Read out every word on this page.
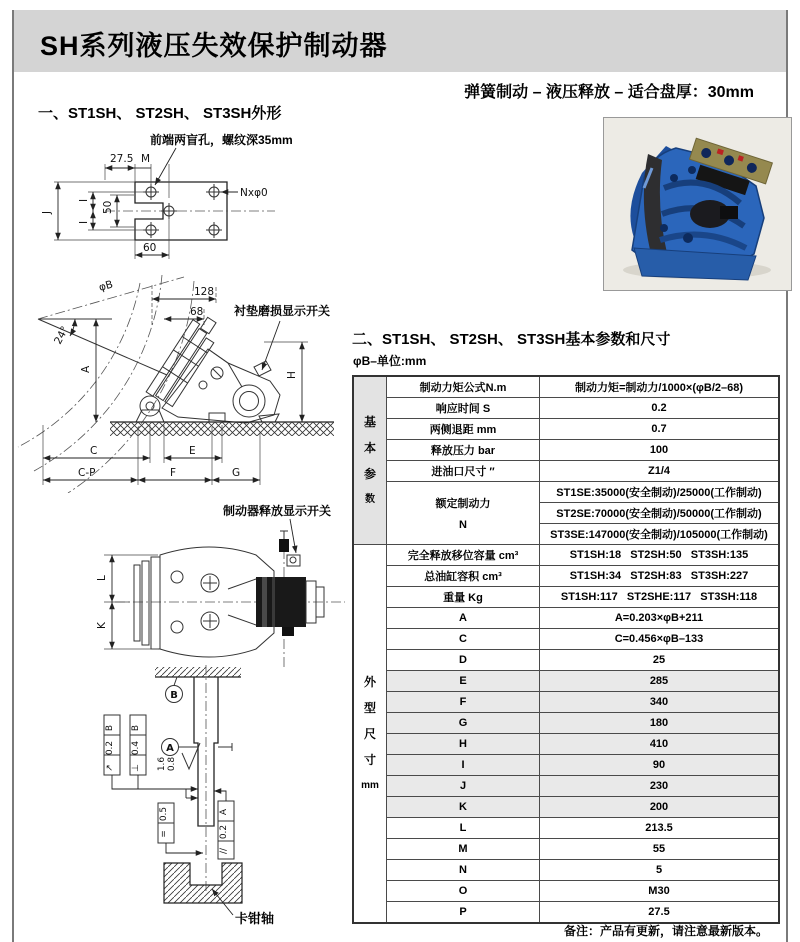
SH系列液压失效保护制动器
弹簧制动 – 液压释放 – 适合盘厚：30mm
一、ST1SH、 ST2SH、 ST3SH外形
前端两盲孔，螺纹深35mm
27.5 M
Nxφ0
J
I
I
50
60
24°
φB	128
68	衬垫磨损显示开关
A
H
C	E
C-P	F	G
制动器释放显示开关
L
K
B
A
B
0.2
↗
B
0.4
⊥ 1.6 0.8
0.5
=
A
0.2
//
卡钳轴
二、ST1SH、 ST2SH、 ST3SH基本参数和尺寸
φB–单位:mm
基
本
参
数	制动力矩公式N.m	制动力矩=制动力/1000×(φB/2–68)
	响应时间 S	0.2
	两侧退距 mm	0.7
	释放压力 bar	100
	进油口尺寸 ″	Z1/4

	额定制动力
N	ST1SE:35000(安全制动)/25000(工作制动)
		ST2SE:70000(安全制动)/50000(工作制动)
		ST3SE:147000(安全制动)/105000(工作制动)

外
型
尺
寸
mm	完全释放移位容量 cm³	ST1SH:18   ST2SH:50   ST3SH:135
	总油缸容积 cm³	ST1SH:34   ST2SH:83   ST3SH:227
	重量 Kg	ST1SH:117   ST2SHE:117   ST3SH:118
	A	A=0.203×φB+211
	C	C=0.456×φB–133
	D	25
	E	285
	F	340
	G	180
	H	410
	I	90
	J	230
	K	200
	L	213.5
	M	55
	N	5
	O	M30
	P	27.5
备注：产品有更新，请注意最新版本。
